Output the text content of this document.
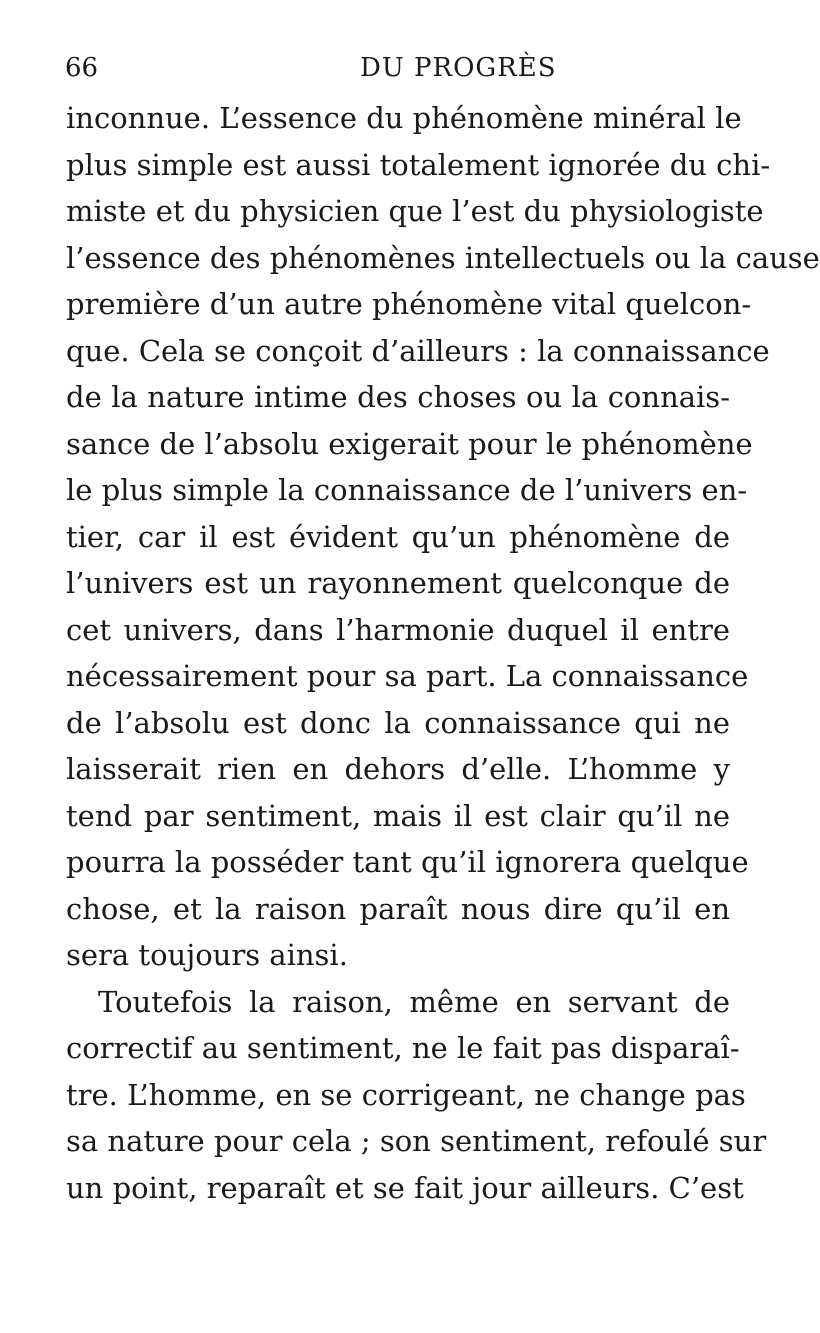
66	DU PROGRÈS
inconnue. L’essence du phénomène minéral le
plus simple est aussi totalement ignorée du chi-
miste et du physicien que l’est du physiologiste
l’essence des phénomènes intellectuels ou la cause
première d’un autre phénomène vital quelcon-
que. Cela se conçoit d’ailleurs : la connaissance
de la nature intime des choses ou la connais-
sance de l’absolu exigerait pour le phénomène
le plus simple la connaissance de l’univers en-
tier, car il est évident qu’un phénomène de
l’univers est un rayonnement quelconque de
cet univers, dans l’harmonie duquel il entre
nécessairement pour sa part. La connaissance
de l’absolu est donc la connaissance qui ne
laisserait rien en dehors d’elle. L’homme y
tend par sentiment, mais il est clair qu’il ne
pourra la posséder tant qu’il ignorera quelque
chose, et la raison paraît nous dire qu’il en
sera toujours ainsi.
Toutefois la raison, même en servant de
correctif au sentiment, ne le fait pas disparaî-
tre. L’homme, en se corrigeant, ne change pas
sa nature pour cela ; son sentiment, refoulé sur
un point, reparaît et se fait jour ailleurs. C’est
